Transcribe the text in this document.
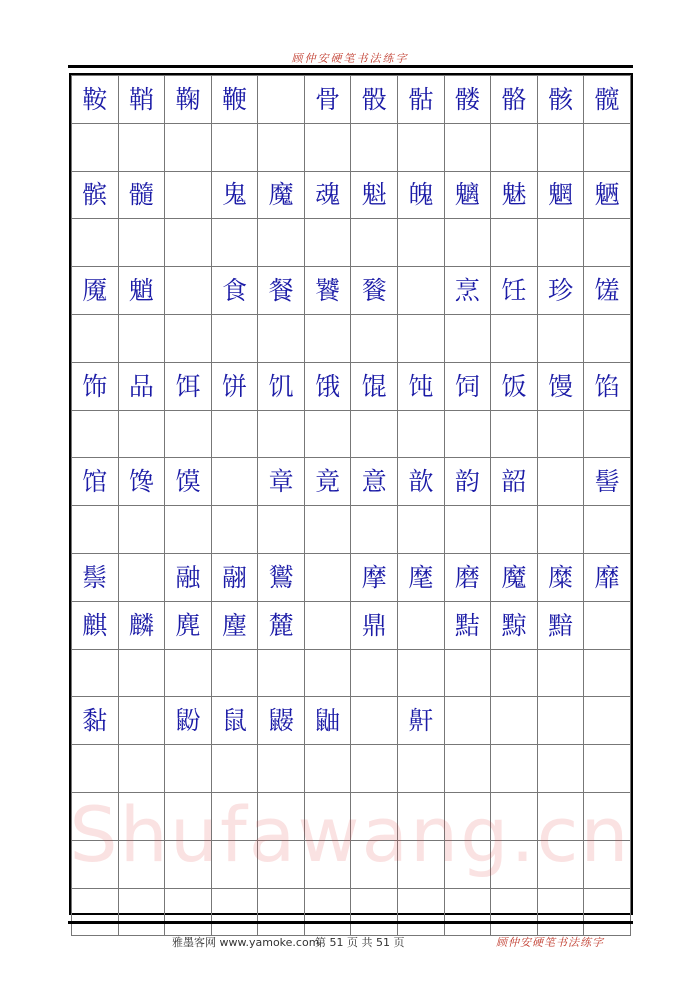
顾仲安硬笔书法练字
鞍	鞘	鞠	鞭		骨	骰	骷	髅	骼	骸	髋

髌	髓		鬼	魔	魂	魁	魄	魑	魅	魍	魉

魇	魈		食	餐	饕	餮		烹	饪	珍	馐

饰	品	饵	饼	饥	饿	馄	饨	饲	饭	馒	馅

馆	馋	馍		章	竟	意	歆	韵	韶		髻

鬃		融	翮	鸑		摩	麾	磨	魔	糜	靡
麒	麟	麂	麈	麓		鼎		黠	黥	黯	

黏		鼢	鼠	鼹	鼬		鼾				

Shufawang.cn
雅墨客网 www.yamoke.com
第 51 页 共 51 页	顾仲安硬笔书法练字
